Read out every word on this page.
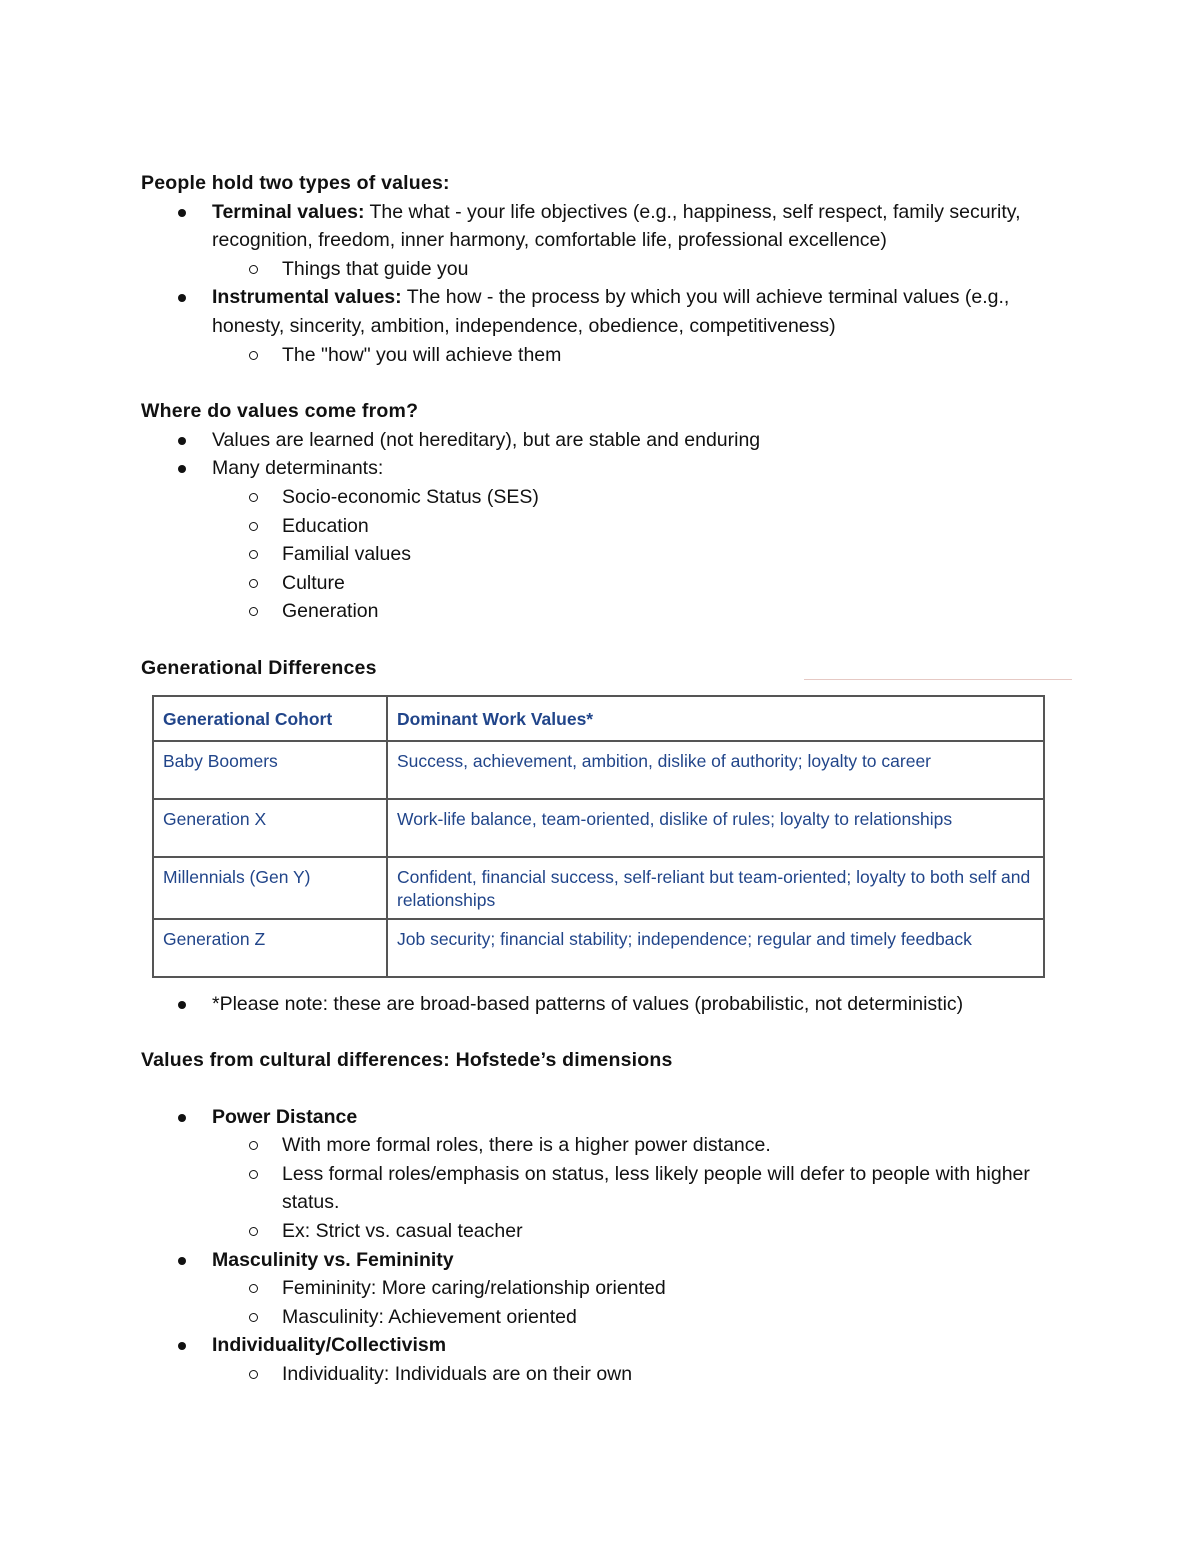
People hold two types of values:

Terminal values: The what - your life objectives (e.g., happiness, self respect, family security, recognition, freedom, inner harmony, comfortable life, professional excellence)
Things that guide you
Instrumental values: The how - the process by which you will achieve terminal values (e.g., honesty, sincerity, ambition, independence, obedience, competitiveness)
The "how" you will achieve them

Where do values come from?

Values are learned (not hereditary), but are stable and enduring
Many determinants:
Socio-economic Status (SES)
Education
Familial values
Culture
Generation

Generational Differences

Generational Cohort	Dominant Work Values*
Baby Boomers	Success, achievement, ambition, dislike of authority; loyalty to career
Generation X	Work-life balance, team-oriented, dislike of rules; loyalty to relationships
Millennials (Gen Y)	Confident, financial success, self-reliant but team-oriented; loyalty to both self and relationships
Generation Z	Job security; financial stability; independence; regular and timely feedback
*Please note: these are broad-based patterns of values (probabilistic, not deterministic)

Values from cultural differences: Hofstede’s dimensions

Power Distance
With more formal roles, there is a higher power distance.
Less formal roles/emphasis on status, less likely people will defer to people with higher status.
Ex: Strict vs. casual teacher
Masculinity vs. Femininity
Femininity: More caring/relationship oriented
Masculinity: Achievement oriented
Individuality/Collectivism
Individuality: Individuals are on their own
